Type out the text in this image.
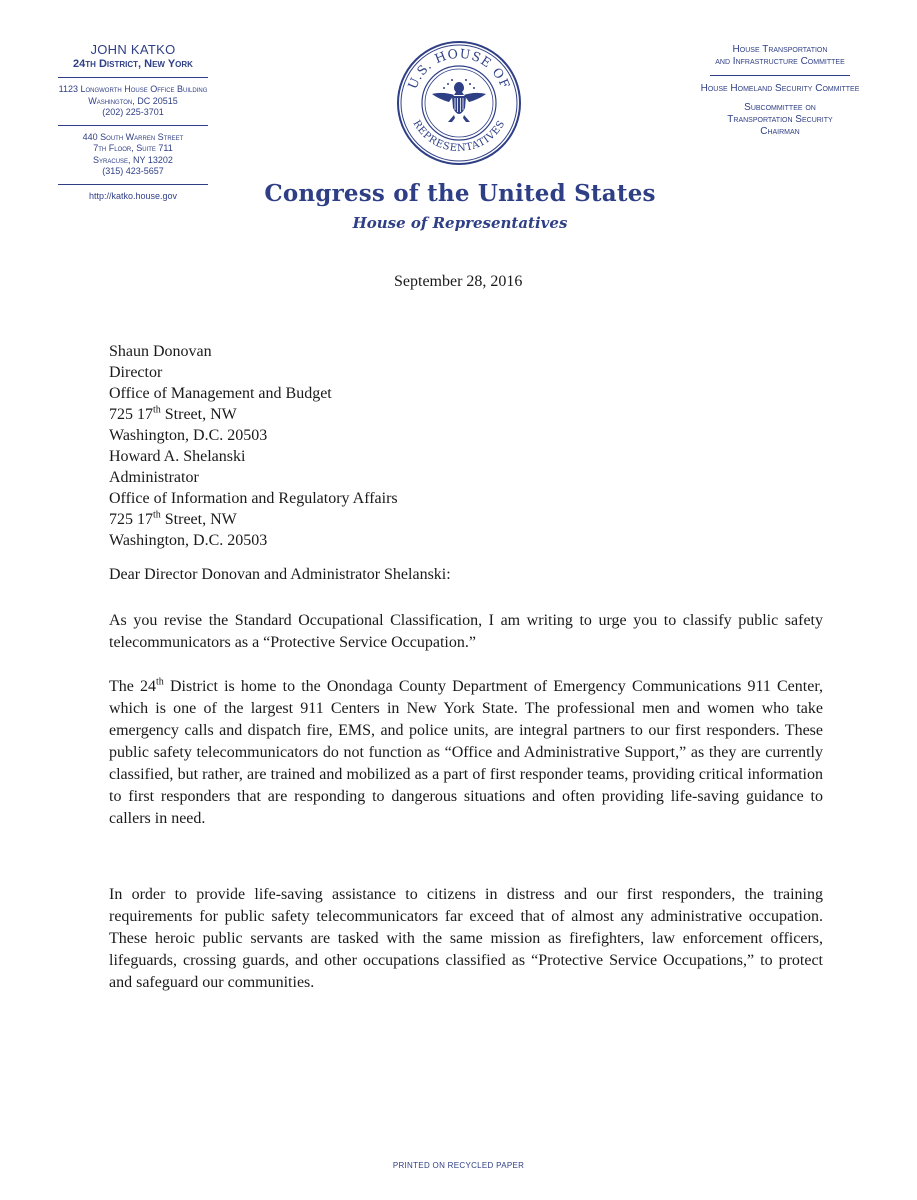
JOHN KATKO
24th District, New York
1123 Longworth House Office Building
Washington, DC 20515
(202) 225-3701
440 South Warren Street
7th Floor, Suite 711
Syracuse, NY 13202
(315) 423-5657
http://katko.house.gov
U.S. HOUSE OF
REPRESENTATIVES
House Transportation
and Infrastructure Committee
House Homeland Security Committee
Subcommittee on
Transportation Security
Chairman
Congress of the United States
House of Representatives
September 28, 2016
Shaun Donovan
Director
Office of Management and Budget
725 17th Street, NW
Washington, D.C. 20503
Howard A. Shelanski
Administrator
Office of Information and Regulatory Affairs
725 17th Street, NW
Washington, D.C. 20503
Dear Director Donovan and Administrator Shelanski:
As you revise the Standard Occupational Classification, I am writing to urge you to classify public safety telecommunicators as a “Protective Service Occupation.”
The 24th District is home to the Onondaga County Department of Emergency Communications 911 Center, which is one of the largest 911 Centers in New York State. The professional men and women who take emergency calls and dispatch fire, EMS, and police units, are integral partners to our first responders. These public safety telecommunicators do not function as “Office and Administrative Support,” as they are currently classified, but rather, are trained and mobilized as a part of first responder teams, providing critical information to first responders that are responding to dangerous situations and often providing life-saving guidance to callers in need.
In order to provide life-saving assistance to citizens in distress and our first responders, the training requirements for public safety telecommunicators far exceed that of almost any administrative occupation. These heroic public servants are tasked with the same mission as firefighters, law enforcement officers, lifeguards, crossing guards, and other occupations classified as “Protective Service Occupations,” to protect and safeguard our communities.
PRINTED ON RECYCLED PAPER
